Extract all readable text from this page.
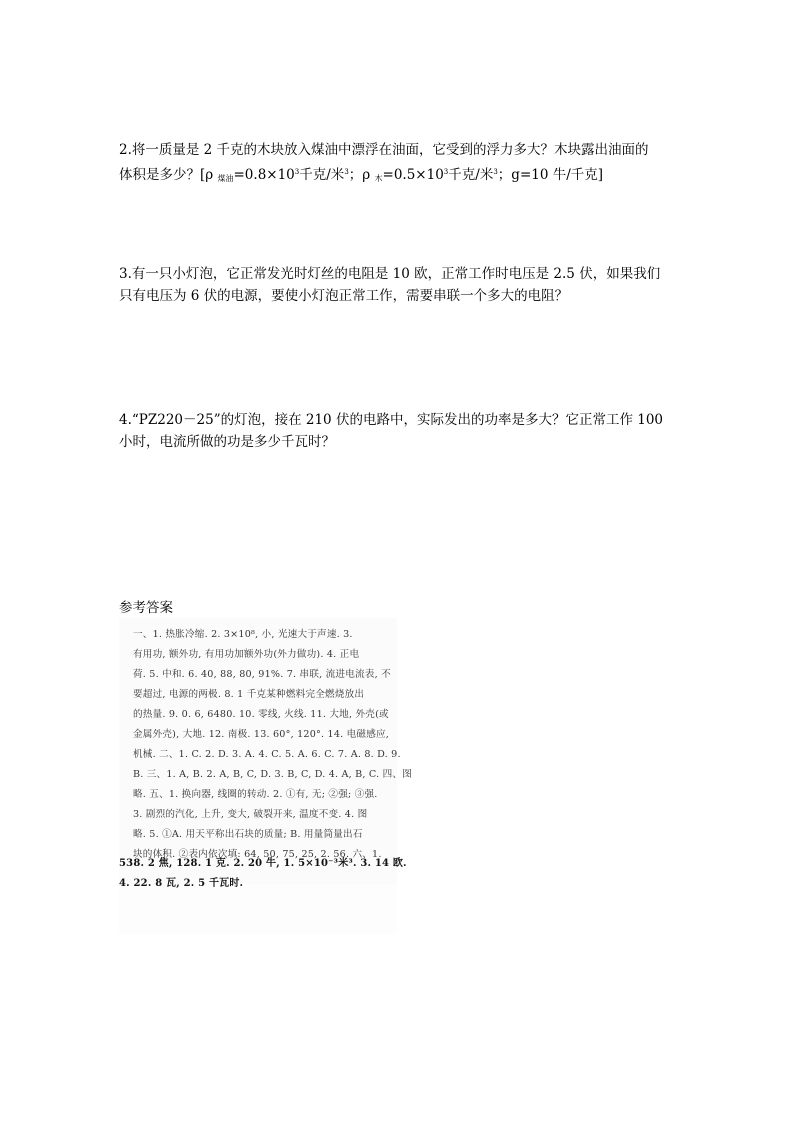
2.将一质量是 2 千克的木块放入煤油中漂浮在油面，它受到的浮力多大？木块露出油面的

体积是多少？[ρ $_{煤油}=0.8\times 10^3$千克/米$^3$；ρ $_木=0.5\times 10^3$千克/米$^3$；g=10 牛/千克]

3.有一只小灯泡，它正常发光时灯丝的电阻是 10 欧，正常工作时电压是 2.5 伏，如果我们

只有电压为 6 伏的电源，要使小灯泡正常工作，需要串联一个多大的电阻？

4.“PZ220－25”的灯泡，接在 210 伏的电路中，实际发出的功率是多大？它正常工作 100

小时，电流所做的功是多少千瓦时？

参考答案
一、1. 热胀冷缩. 2. 3×10⁸, 小, 光速大于声速. 3.
有用功, 额外功, 有用功加额外功(外力做功). 4. 正电
荷. 5. 中和. 6. 40, 88, 80, 91%. 7. 串联, 流进电流表, 不
要超过, 电源的两极. 8. 1 千克某种燃料完全燃烧放出
的热量. 9. 0. 6, 6480. 10. 零线, 火线. 11. 大地, 外壳(或
金属外壳), 大地. 12. 南极. 13. 60°, 120°. 14. 电磁感应,
机械. 二、1. C. 2. D. 3. A. 4. C. 5. A. 6. C. 7. A. 8. D. 9.
B. 三、1. A, B. 2. A, B, C, D. 3. B, C, D. 4. A, B, C. 四、图
略. 五、1. 换向器, 线圈的转动. 2. ①有, 无; ②强; ③强.
3. 剧烈的汽化, 上升, 变大, 破裂开来, 温度不变. 4. 图
略. 5. ①A. 用天平称出石块的质量; B. 用量筒量出石
块的体积. ②表内依次填: 64, 50, 75, 25, 2. 56. 六、1.
538. 2 焦, 128. 1 克. 2. 20 牛, 1. 5×10⁻³米³. 3. 14 欧.
4. 22. 8 瓦, 2. 5 千瓦时.
